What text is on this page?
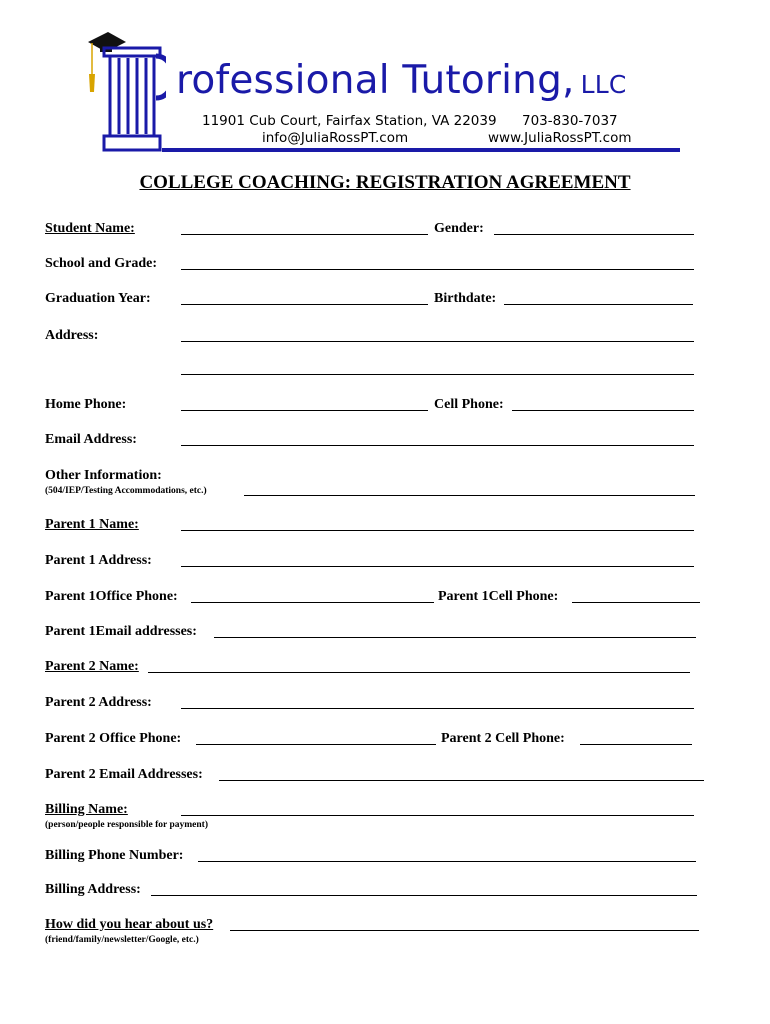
rofessional Tutoring, LLC
11901 Cub Court, Fairfax Station, VA 22039
info@JuliaRossPT.com
703-830-7037
www.JuliaRossPT.com
COLLEGE COACHING: REGISTRATION AGREEMENT
Student Name:	Gender:
School and Grade:
Graduation Year:	Birthdate:
Address:
Home Phone:	Cell Phone:
Email Address:
Other Information:
(504/IEP/Testing Accommodations, etc.)
Parent 1 Name:
Parent 1 Address:
Parent 1Office Phone:	Parent 1Cell Phone:
Parent 1Email addresses:
Parent 2 Name:
Parent 2 Address:
Parent 2 Office Phone:	Parent 2 Cell Phone:
Parent 2 Email Addresses:
Billing Name:
(person/people responsible for payment)
Billing Phone Number:
Billing Address:
How did you hear about us?
(friend/family/newsletter/Google, etc.)
